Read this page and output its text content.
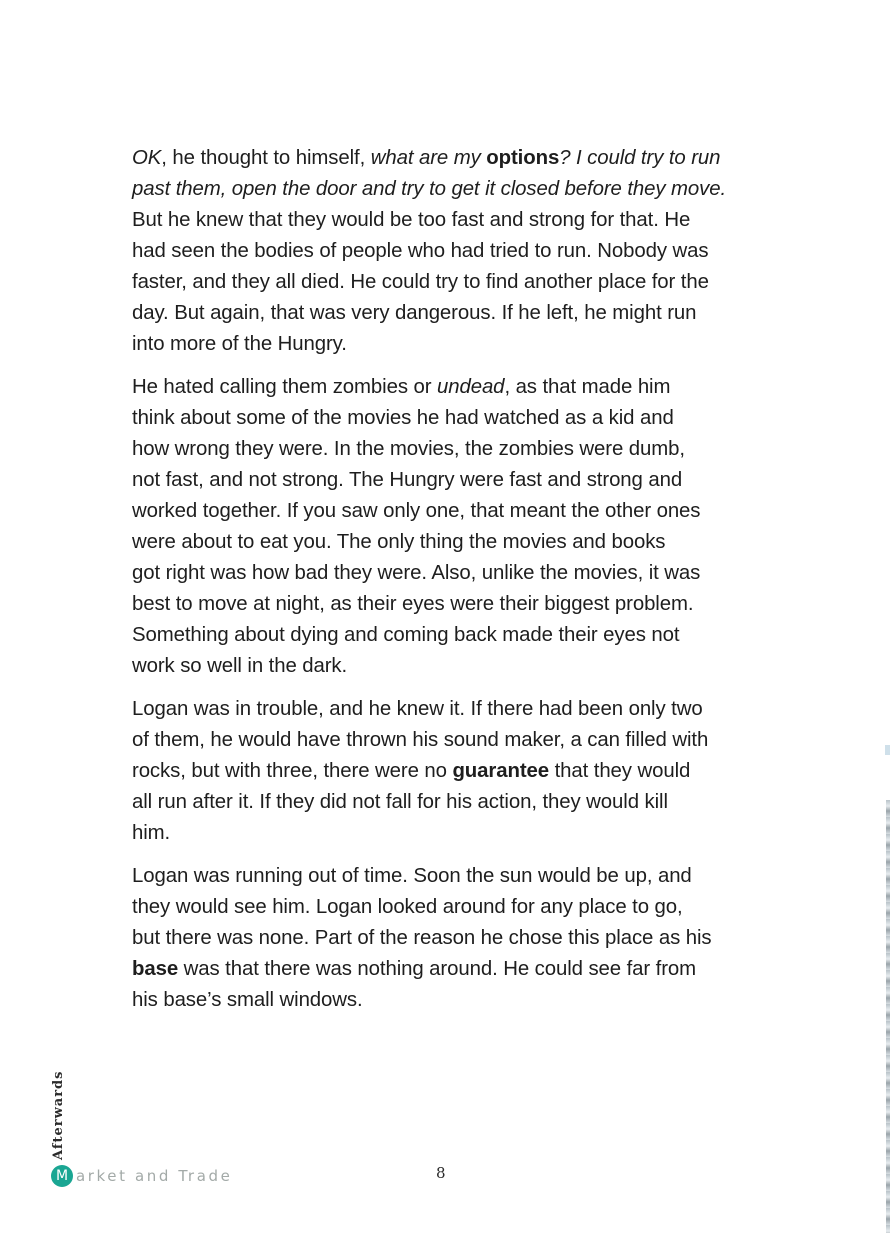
OK, he thought to himself, what are my options? I could try to run
past them, open the door and try to get it closed before they move.
But he knew that they would be too fast and strong for that. He
had seen the bodies of people who had tried to run. Nobody was
faster, and they all died. He could try to find another place for the
day. But again, that was very dangerous. If he left, he might run
into more of the Hungry.

He hated calling them zombies or undead, as that made him
think about some of the movies he had watched as a kid and
how wrong they were. In the movies, the zombies were dumb,
not fast, and not strong. The Hungry were fast and strong and
worked together. If you saw only one, that meant the other ones
were about to eat you. The only thing the movies and books
got right was how bad they were. Also, unlike the movies, it was
best to move at night, as their eyes were their biggest problem.
Something about dying and coming back made their eyes not
work so well in the dark.

Logan was in trouble, and he knew it. If there had been only two
of them, he would have thrown his sound maker, a can filled with
rocks, but with three, there were no guarantee that they would
all run after it. If they did not fall for his action, they would kill
him.

Logan was running out of time. Soon the sun would be up, and
they would see him. Logan looked around for any place to go,
but there was none. Part of the reason he chose this place as his
base was that there was nothing around. He could see far from
his base’s small windows.

Afterwards
M arket and Trade	8
